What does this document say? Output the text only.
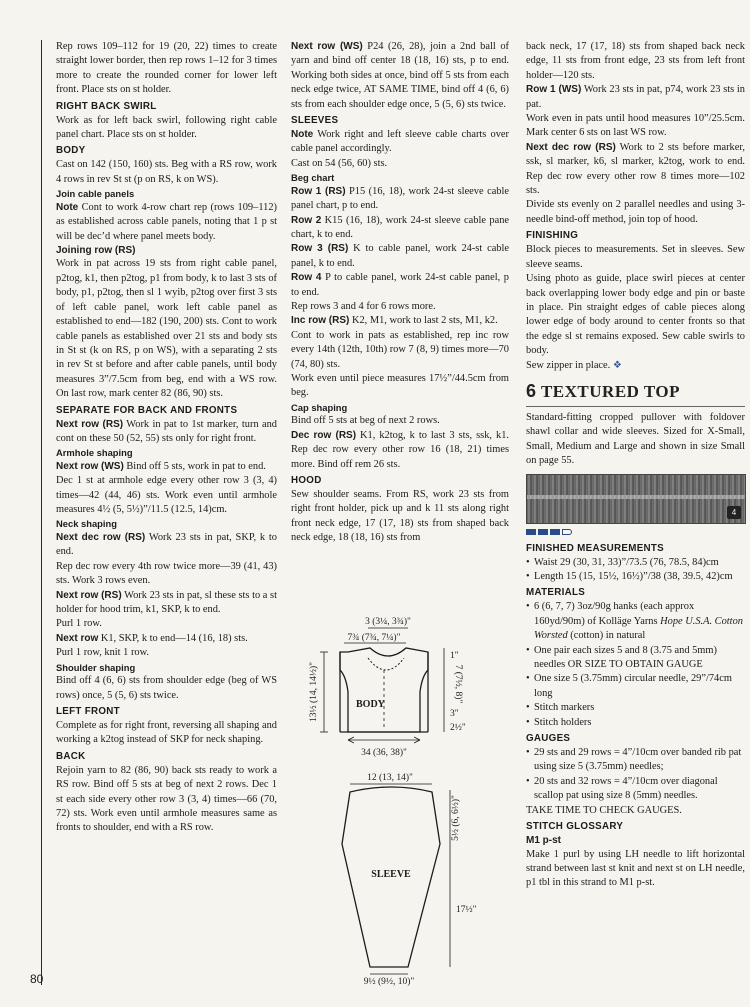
Rep rows 109–112 for 19 (20, 22) times to create straight lower border, then rep rows 1–12 for 3 times more to create the rounded corner for lower left front. Place sts on st holder.

RIGHT BACK SWIRL

Work as for left back swirl, following right cable panel chart. Place sts on st holder.

BODY

Cast on 142 (150, 160) sts. Beg with a RS row, work 4 rows in rev St st (p on RS, k on WS).

Join cable panels

Note Cont to work 4-row chart rep (rows 109–112) as established across cable panels, noting that 1 p st will be dec’d where panel meets body.

Joining row (RS)

Work in pat across 19 sts from right cable panel, p2tog, k1, then p2tog, p1 from body, k to last 3 sts of body, p1, p2tog, then sl 1 wyib, p2tog over first 3 sts of left cable panel, work left cable panel as established to end—182 (190, 200) sts. Cont to work cable panels as established over 21 sts and body sts in St st (k on RS, p on WS), with a separating 2 sts in rev St st before and after cable panels, until body measures 3”/7.5cm from beg, end with a WS row. On last row, mark center 82 (86, 90) sts.

SEPARATE FOR BACK AND FRONTS

Next row (RS) Work in pat to 1st marker, turn and cont on these 50 (52, 55) sts only for right front.

Armhole shaping

Next row (WS) Bind off 5 sts, work in pat to end.

Dec 1 st at armhole edge every other row 3 (3, 4) times—42 (44, 46) sts. Work even until armhole measures 4½ (5, 5½)”/11.5 (12.5, 14)cm.

Neck shaping

Next dec row (RS) Work 23 sts in pat, SKP, k to end.

Rep dec row every 4th row twice more—39 (41, 43) sts. Work 3 rows even.

Next row (RS) Work 23 sts in pat, sl these sts to a st holder for hood trim, k1, SKP, k to end.

Purl 1 row.

Next row K1, SKP, k to end—14 (16, 18) sts.

Purl 1 row, knit 1 row.

Shoulder shaping

Bind off 4 (6, 6) sts from shoulder edge (beg of WS rows) once, 5 (5, 6) sts twice.

LEFT FRONT

Complete as for right front, reversing all shaping and working a k2tog instead of SKP for neck shaping.

BACK

Rejoin yarn to 82 (86, 90) back sts ready to work a RS row. Bind off 5 sts at beg of next 2 rows. Dec 1 st each side every other row 3 (3, 4) times—66 (70, 72) sts. Work even until armhole measures same as fronts to shoulder, end with a RS row.

Next row (WS) P24 (26, 28), join a 2nd ball of yarn and bind off center 18 (18, 16) sts, p to end. Working both sides at once, bind off 5 sts from each neck edge twice, AT SAME TIME, bind off 4 (6, 6) sts from each shoulder edge once, 5 (5, 6) sts twice.

SLEEVES

Note Work right and left sleeve cable charts over cable panel accordingly.

Cast on 54 (56, 60) sts.

Beg chart

Row 1 (RS) P15 (16, 18), work 24-st sleeve cable panel chart, p to end.

Row 2 K15 (16, 18), work 24-st sleeve cable pane chart, k to end.

Row 3 (RS) K to cable panel, work 24-st cable panel, k to end.

Row 4 P to cable panel, work 24-st cable panel, p to end.

Rep rows 3 and 4 for 6 rows more.

Inc row (RS) K2, M1, work to last 2 sts, M1, k2.

Cont to work in pats as established, rep inc row every 14th (12th, 10th) row 7 (8, 9) times more—70 (74, 80) sts.

Work even until piece measures 17½”/44.5cm from beg.

Cap shaping

Bind off 5 sts at beg of next 2 rows.

Dec row (RS) K1, k2tog, k to last 3 sts, ssk, k1. Rep dec row every other row 16 (18, 21) times more. Bind off rem 26 sts.

HOOD

Sew shoulder seams. From RS, work 23 sts from right front holder, pick up and k 11 sts along right front neck edge, 17 (17, 18) sts from shaped back neck edge, 18 (18, 16) sts from

3 (3¼, 3¾)"
7¾ (7¾, 7¼)"
BODY
13½ (14, 14½)"
1"
7 (7½, 8)"
3"
2½"
34 (36, 38)"
12 (13, 14)"
SLEEVE
5½ (6, 6½)"
17½"
9½ (9½, 10)"

back neck, 17 (17, 18) sts from shaped back neck edge, 11 sts from front edge, 23 sts from left front holder—120 sts.

Row 1 (WS) Work 23 sts in pat, p74, work 23 sts in pat.

Work even in pats until hood measures 10”/25.5cm. Mark center 6 sts on last WS row.

Next dec row (RS) Work to 2 sts before marker, ssk, sl marker, k6, sl marker, k2tog, work to end. Rep dec row every other row 8 times more—102 sts.

Divide sts evenly on 2 parallel needles and using 3-needle bind-off method, join top of hood.

FINISHING

Block pieces to measurements. Set in sleeves. Sew sleeve seams.

Using photo as guide, place swirl pieces at center back overlapping lower body edge and pin or baste in place. Pin straight edges of cable pieces along lower edge of body around to center fronts so that the edge sl st remains exposed. Sew cable swirls to body.

Sew zipper in place. ❖

6 TEXTURED TOP

Standard-fitting cropped pullover with foldover shawl collar and wide sleeves. Sized for X-Small, Small, Medium and Large and shown in size Small on page 55.

4
FINISHED MEASUREMENTS

• Waist 29 (30, 31, 33)”/73.5 (76, 78.5, 84)cm

• Length 15 (15, 15½, 16½)”/38 (38, 39.5, 42)cm

MATERIALS

• 6 (6, 7, 7) 3oz/90g hanks (each approx 160yd/90m) of Kolläge Yarns Hope U.S.A. Cotton Worsted (cotton) in natural

• One pair each sizes 5 and 8 (3.75 and 5mm) needles OR SIZE TO OBTAIN GAUGE

• One size 5 (3.75mm) circular needle, 29”/74cm long

• Stitch markers

• Stitch holders

GAUGES

• 29 sts and 29 rows = 4”/10cm over banded rib pat using size 5 (3.75mm) needles;

• 20 sts and 32 rows = 4”/10cm over diagonal scallop pat using size 8 (5mm) needles.

TAKE TIME TO CHECK GAUGES.

STITCH GLOSSARY
M1 p-st

Make 1 purl by using LH needle to lift horizontal strand between last st knit and next st on LH needle, p1 tbl in this strand to M1 p-st.

80
